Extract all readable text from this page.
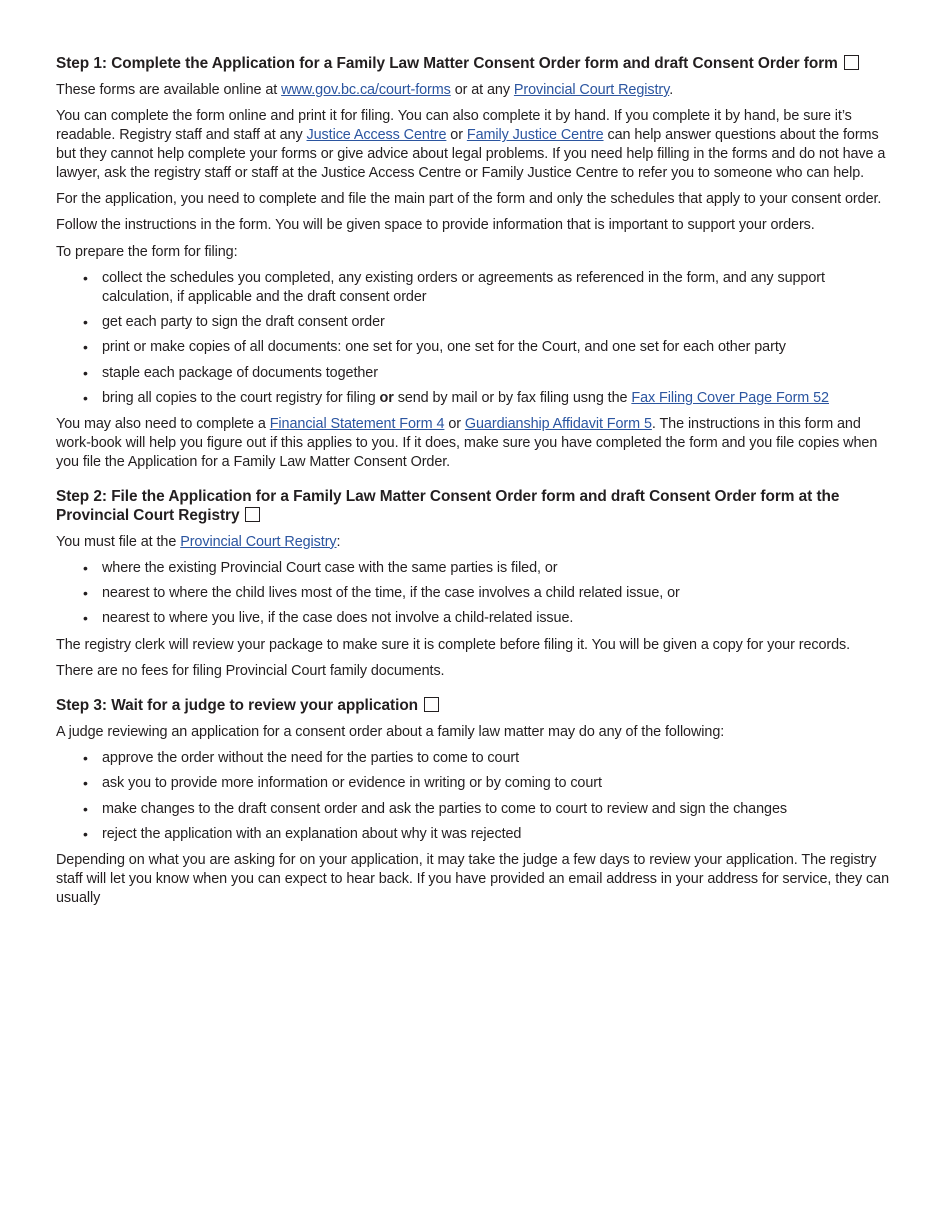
Step 1: Complete the Application for a Family Law Matter Consent Order form and draft Consent Order form

These forms are available online at www.gov.bc.ca/court-forms or at any Provincial Court Registry.

You can complete the form online and print it for filing. You can also complete it by hand. If you complete it by hand, be sure it’s readable. Registry staff and staff at any Justice Access Centre or Family Justice Centre can help answer questions about the forms but they cannot help complete your forms or give advice about legal problems. If you need help filling in the forms and do not have a lawyer, ask the registry staff or staff at the Justice Access Centre or Family Justice Centre to refer you to someone who can help.

For the application, you need to complete and file the main part of the form and only the schedules that apply to your consent order.

Follow the instructions in the form. You will be given space to provide information that is important to support your orders.

To prepare the form for filing:

• collect the schedules you completed, any existing orders or agreements as referenced in the form, and any support calculation, if applicable and the draft consent order
• get each party to sign the draft consent order
• print or make copies of all documents: one set for you, one set for the Court, and one set for each other party
• staple each package of documents together
• bring all copies to the court registry for filing or send by mail or by fax filing usng the Fax Filing Cover Page Form 52

You may also need to complete a Financial Statement Form 4 or Guardianship Affidavit Form 5. The instructions in this form and work-book will help you figure out if this applies to you. If it does, make sure you have completed the form and you file copies when you file the Application for a Family Law Matter Consent Order.

Step 2: File the Application for a Family Law Matter Consent Order form and draft Consent Order form at the Provincial Court Registry

You must file at the Provincial Court Registry:

• where the existing Provincial Court case with the same parties is filed, or
• nearest to where the child lives most of the time, if the case involves a child related issue, or
• nearest to where you live, if the case does not involve a child-related issue.

The registry clerk will review your package to make sure it is complete before filing it. You will be given a copy for your records.

There are no fees for filing Provincial Court family documents.

Step 3: Wait for a judge to review your application

A judge reviewing an application for a consent order about a family law matter may do any of the following:

• approve the order without the need for the parties to come to court
• ask you to provide more information or evidence in writing or by coming to court
• make changes to the draft consent order and ask the parties to come to court to review and sign the changes
• reject the application with an explanation about why it was rejected

Depending on what you are asking for on your application, it may take the judge a few days to review your application. The registry staff will let you know when you can expect to hear back. If you have provided an email address in your address for service, they can usually
